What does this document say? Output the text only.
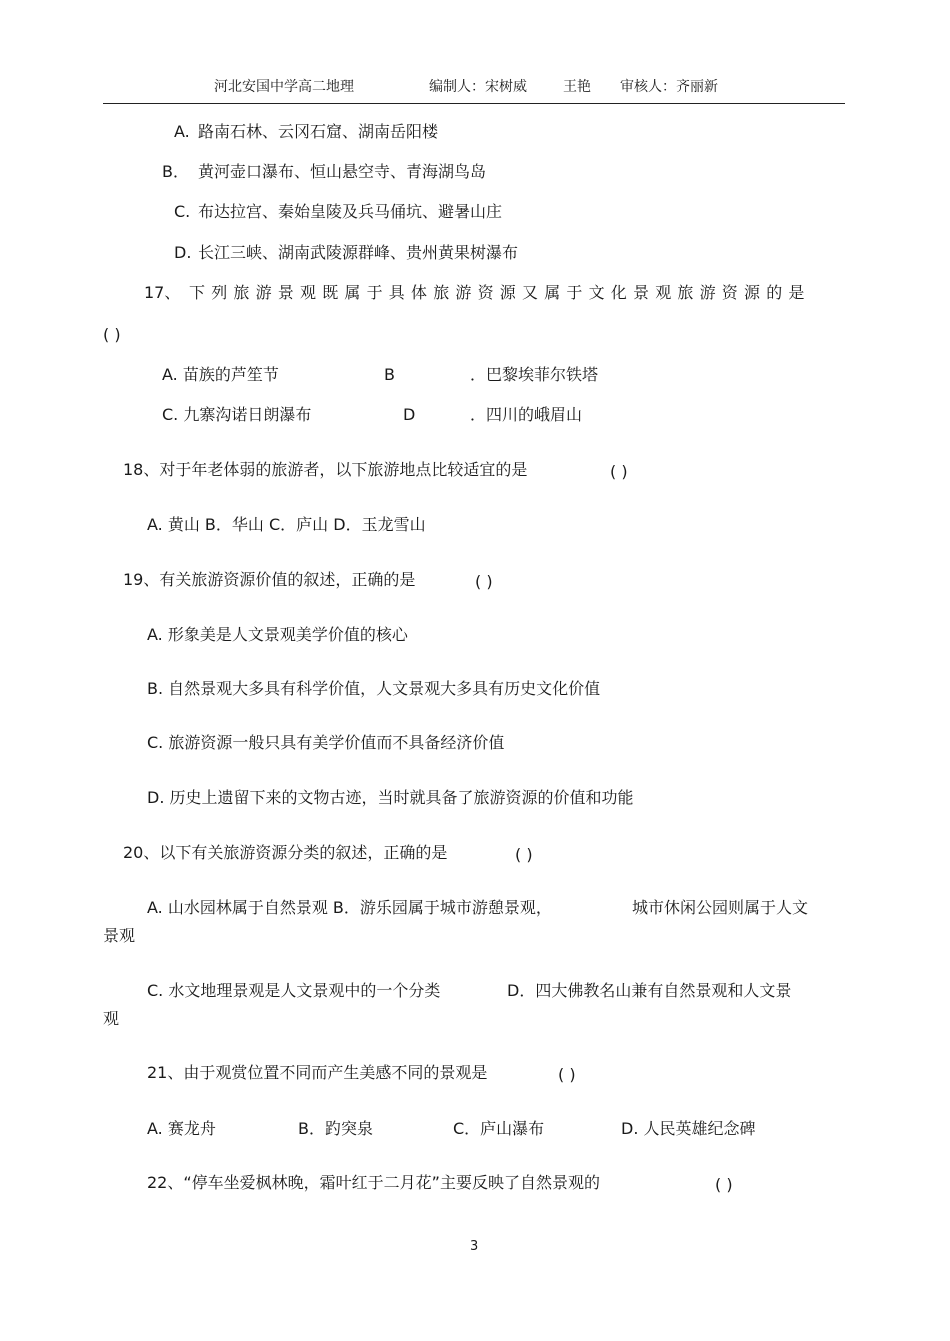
河北安国中学高二地理	编制人：宋树威	王艳 审核人：齐丽新
A. 路南石林、云冈石窟、湖南岳阳楼
B． 黄河壶口瀑布、恒山悬空寺、青海湖鸟岛
C. 布达拉宫、秦始皇陵及兵马俑坑、避暑山庄
D. 长江三峡、湖南武陵源群峰、贵州黄果树瀑布
17、 下列旅游景观既属于具体旅游资源又属于文化景观旅游资源的是
( )
A. 苗族的芦笙节	B	．巴黎埃菲尔铁塔
C. 九寨沟诺日朗瀑布	D	．四川的峨眉山
18、对于年老体弱的旅游者，以下旅游地点比较适宜的是	( )
A. 黄山 B．华山 C．庐山 D．玉龙雪山
19、有关旅游资源价值的叙述，正确的是	( )
A. 形象美是人文景观美学价值的核心
B. 自然景观大多具有科学价值，人文景观大多具有历史文化价值
C. 旅游资源一般只具有美学价值而不具备经济价值
D. 历史上遗留下来的文物古迹，当时就具备了旅游资源的价值和功能
20、以下有关旅游资源分类的叙述，正确的是	( )
A. 山水园林属于自然景观 B．游乐园属于城市游憩景观，	城市休闲公园则属于人文
景观
C. 水文地理景观是人文景观中的一个分类	D．四大佛教名山兼有自然景观和人文景
观
21、由于观赏位置不同而产生美感不同的景观是	( )
A. 赛龙舟	B．趵突泉	C．庐山瀑布	D. 人民英雄纪念碑
22、“停车坐爱枫林晚，霜叶红于二月花”主要反映了自然景观的	( )
3
